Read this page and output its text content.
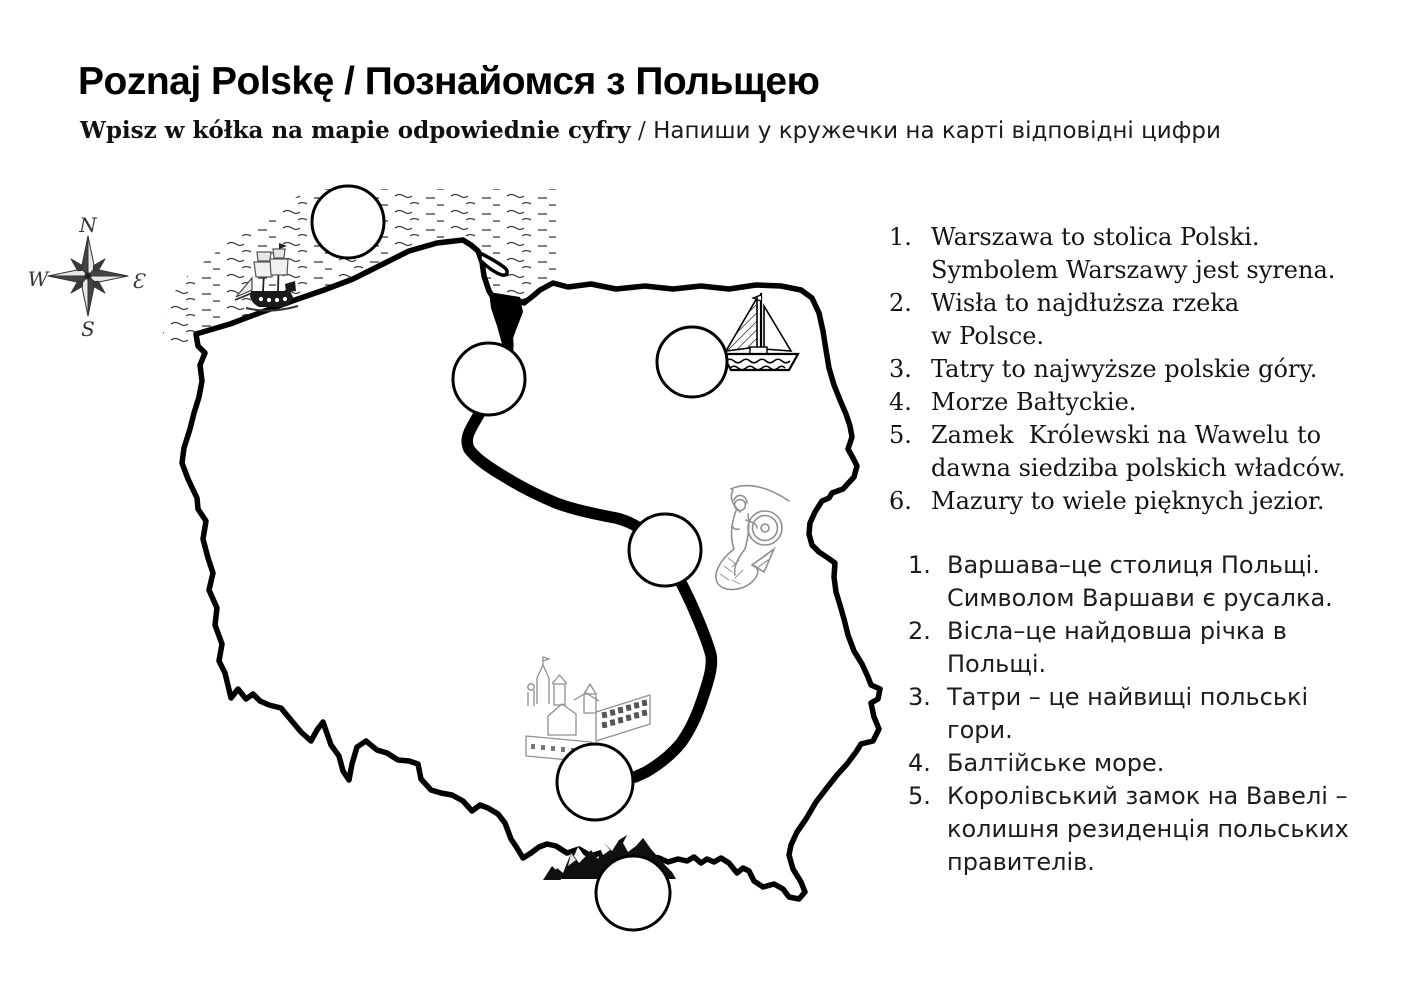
Poznaj Polskę / Познайомся з Польщею
Wpisz w kółka na mapie odpowiednie cyfry / Напиши у кружечки на карті відповідні цифри
N
Ɛ
S
W
1. Warszawa to stolica Polski.
Symbolem Warszawy jest syrena.
2. Wisła to najdłuższa rzeka
w Polsce.
3. Tatry to najwyższe polskie góry.
4. Morze Bałtyckie.
5. Zamek  Królewski na Wawelu to
dawna siedziba polskich władców.
6. Mazury to wiele pięknych jezior.
1. Варшава–це столиця Польщі.
Символом Варшави є русалка.
2. Вісла–це найдовша річка в
Польщі.
3. Татри – це найвищі польські
гори.
4. Балтійське море.
5. Королівський замок на Вавелі –
колишня резиденція польських
правителів.
